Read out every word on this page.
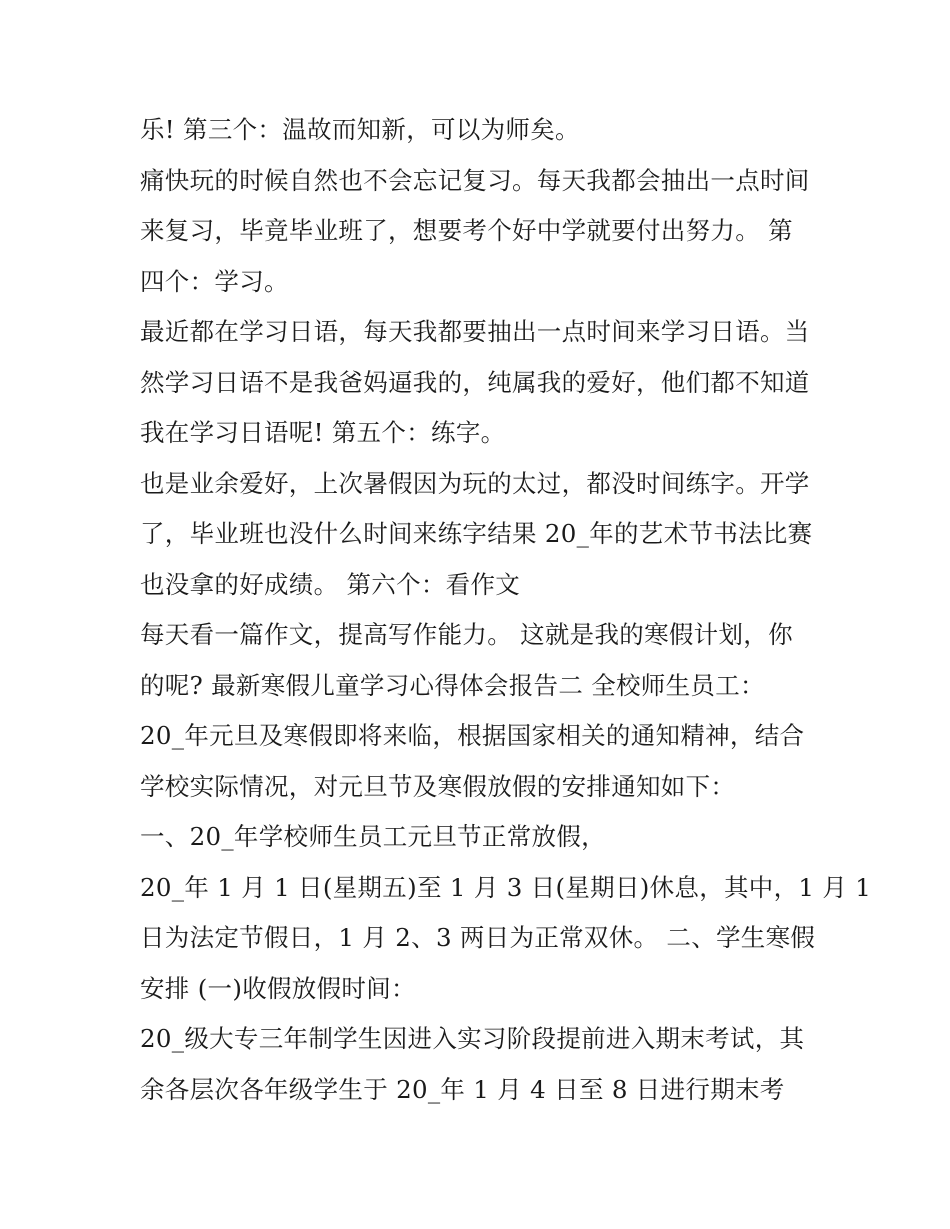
乐! 第三个：温故而知新，可以为师矣。
痛快玩的时候自然也不会忘记复习。每天我都会抽出一点时间
来复习，毕竟毕业班了，想要考个好中学就要付出努力。 第
四个：学习。
最近都在学习日语，每天我都要抽出一点时间来学习日语。当
然学习日语不是我爸妈逼我的，纯属我的爱好，他们都不知道
我在学习日语呢! 第五个：练字。
也是业余爱好，上次暑假因为玩的太过，都没时间练字。开学
了，毕业班也没什么时间来练字结果 20_年的艺术节书法比赛
也没拿的好成绩。 第六个：看作文
每天看一篇作文，提高写作能力。 这就是我的寒假计划，你
的呢? 最新寒假儿童学习心得体会报告二 全校师生员工：
20_年元旦及寒假即将来临，根据国家相关的通知精神，结合
学校实际情况，对元旦节及寒假放假的安排通知如下：
一、20_年学校师生员工元旦节正常放假，
20_年 1 月 1 日(星期五)至 1 月 3 日(星期日)休息，其中，1 月 1
日为法定节假日，1 月 2、3 两日为正常双休。 二、学生寒假
安排 (一)收假放假时间：
20_级大专三年制学生因进入实习阶段提前进入期末考试，其
余各层次各年级学生于 20_年 1 月 4 日至 8 日进行期末考
